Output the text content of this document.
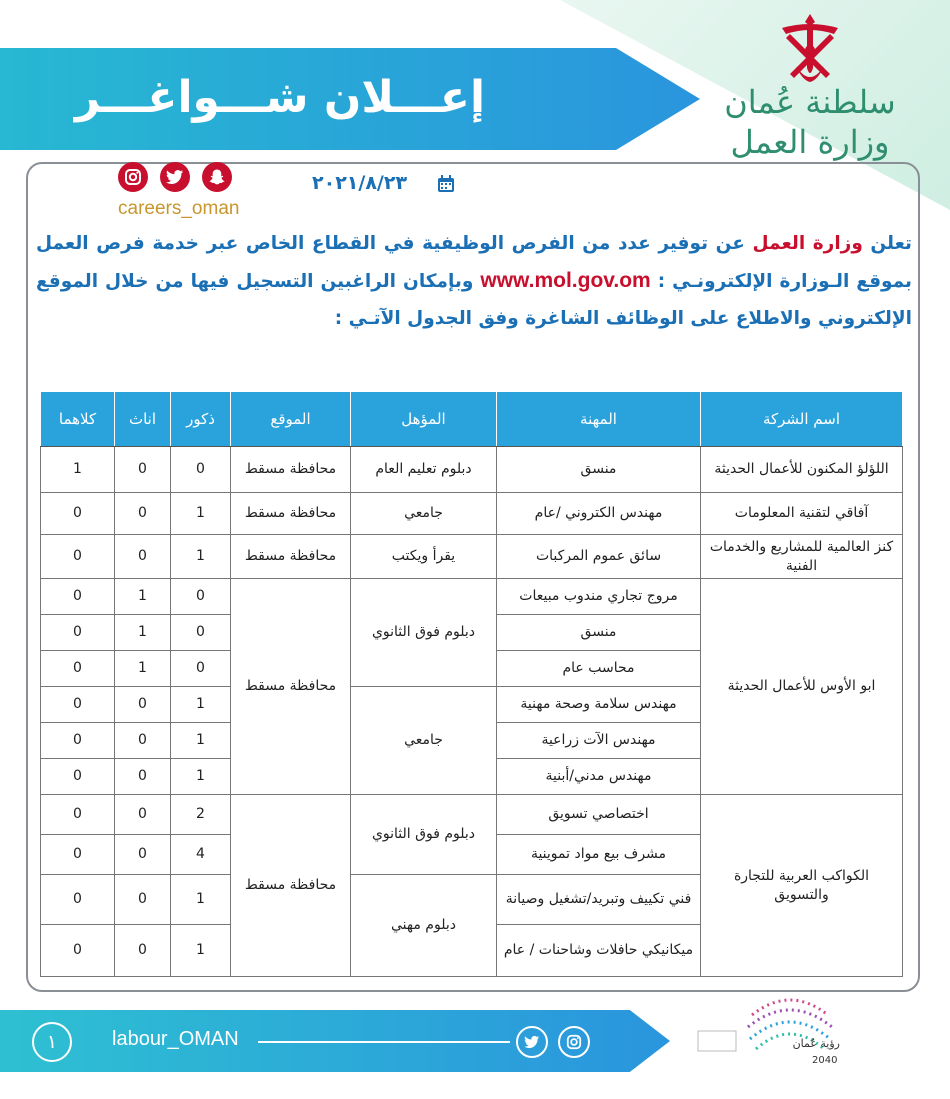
إعـــلان شـــواغـــر	سلطنة عُمان
وزارة العمل
careers_oman
٢٠٢١/٨/٢٣
تعلن وزارة العمل عن توفير عدد من الفرص الوظيفية في القطاع الخاص عبر خدمة فرص العمل بموقع الـوزارة الإلكترونـي : www.mol.gov.om وبإمكان الراغبين التسجيل فيها من خلال الموقع الإلكتروني والاطلاع على الوظائف الشاغرة وفق الجدول الآتـي :
اسم الشركة	المهنة	المؤهل	الموقع	ذكور	اناث	كلاهما
اللؤلؤ المكنون للأعمال الحديثة	منسق	دبلوم تعليم العام	محافظة مسقط	0	0	1
آفاقي لتقنية المعلومات	مهندس الكتروني /عام	جامعي	محافظة مسقط	1	0	0
كنز العالمية للمشاريع والخدمات الفنية	سائق عموم المركبات	يقرأ ويكتب	محافظة مسقط	1	0	0
ابو الأوس للأعمال الحديثة	مروج تجاري مندوب مبيعات	دبلوم فوق الثانوي	محافظة مسقط	0	1	0
	منسق			0	1	0
	محاسب عام			0	1	0
	مهندس سلامة وصحة مهنية	جامعي		1	0	0
	مهندس الآت زراعية			1	0	0
	مهندس مدني/أبنية			1	0	0
الكواكب العربية للتجارة والتسويق	اختصاصي تسويق	دبلوم فوق الثانوي	محافظة مسقط	2	0	0
	مشرف بيع مواد تموينية			4	0	0
	فني تكييف وتبريد/تشغيل وصيانة	دبلوم مهني		1	0	0
	ميكانيكي حافلات وشاحنات / عام			1	0	0
١	labour_OMAN	رؤية عُمان
2040
